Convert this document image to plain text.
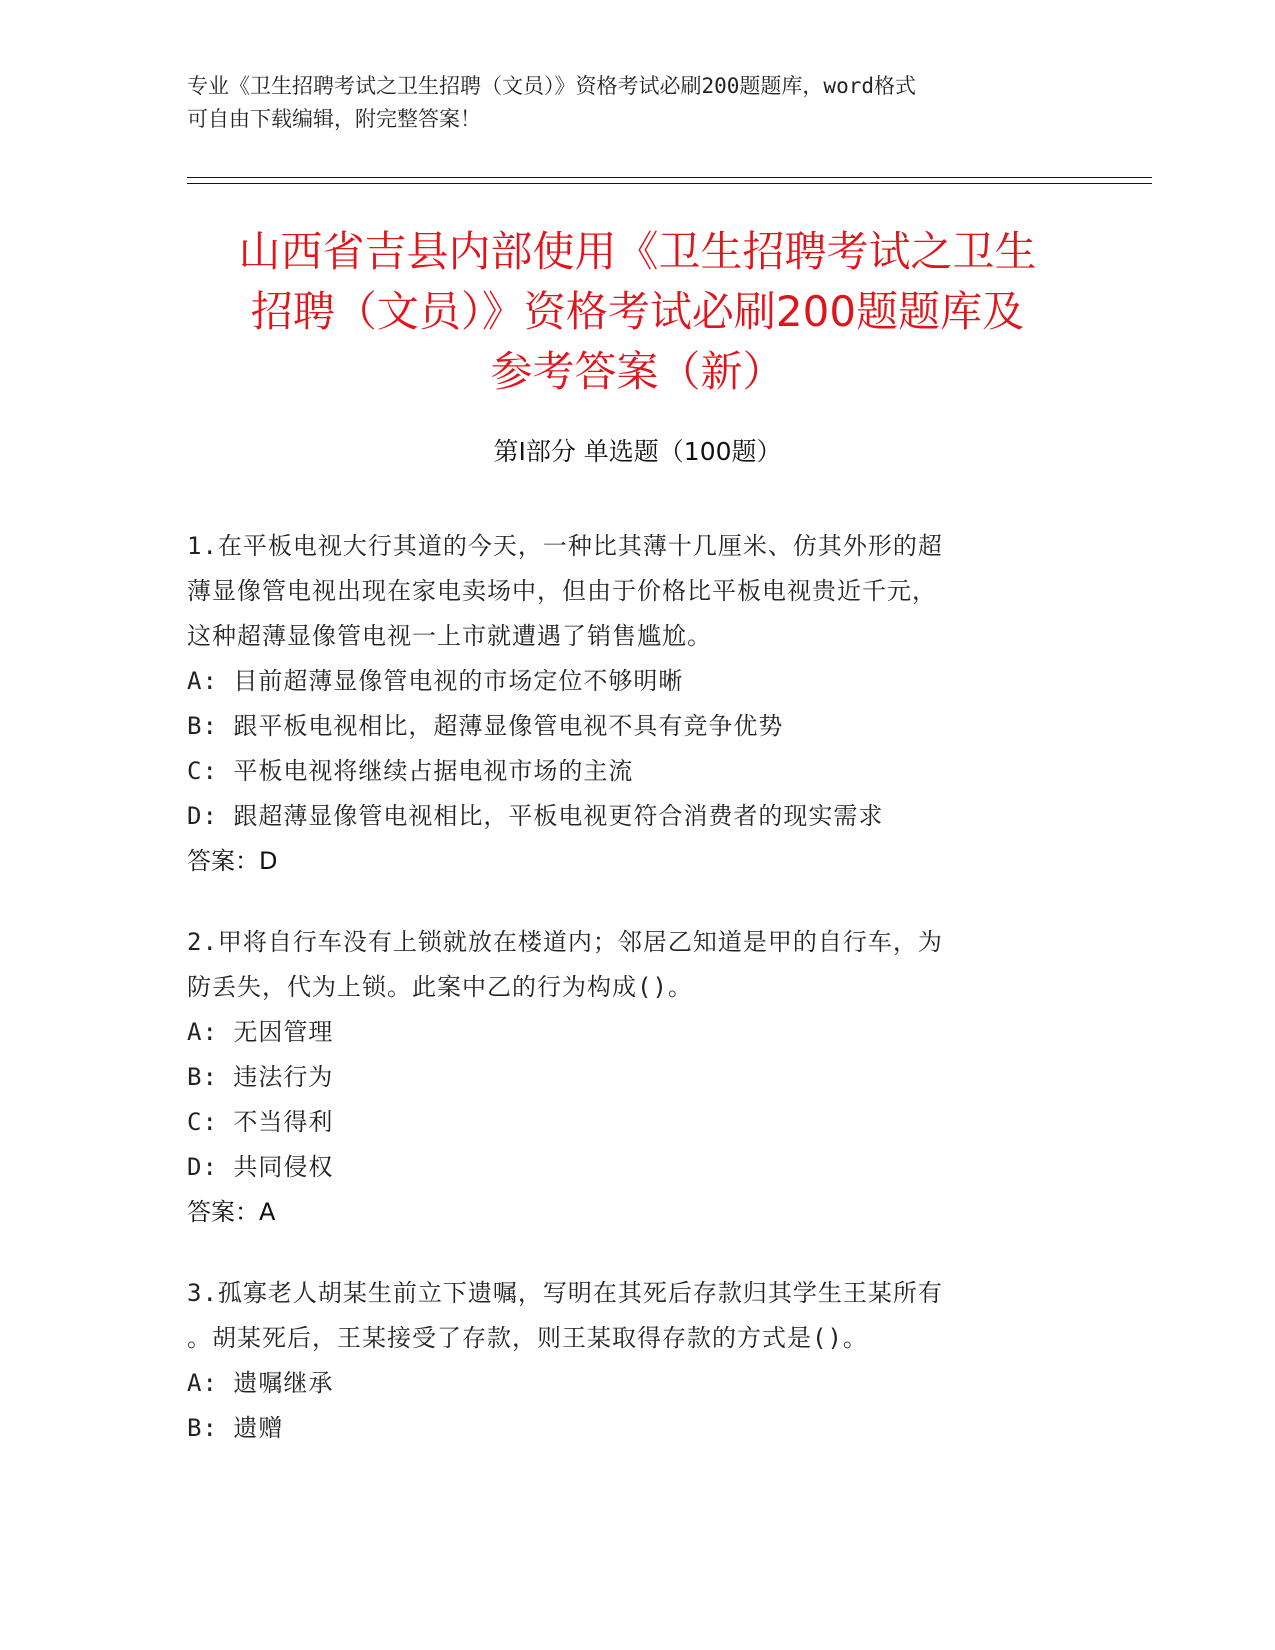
专业《卫生招聘考试之卫生招聘（文员）》资格考试必刷200题题库，word格式
可自由下载编辑，附完整答案！
山西省吉县内部使用《卫生招聘考试之卫生
招聘（文员）》资格考试必刷200题题库及
参考答案（新）
第I部分 单选题（100题）
1.在平板电视大行其道的今天，一种比其薄十几厘米、仿其外形的超
薄显像管电视出现在家电卖场中，但由于价格比平板电视贵近千元，
这种超薄显像管电视一上市就遭遇了销售尴尬。
A: 目前超薄显像管电视的市场定位不够明晰
B: 跟平板电视相比，超薄显像管电视不具有竞争优势
C: 平板电视将继续占据电视市场的主流
D: 跟超薄显像管电视相比，平板电视更符合消费者的现实需求
答案：D
2.甲将自行车没有上锁就放在楼道内；邻居乙知道是甲的自行车，为
防丢失，代为上锁。此案中乙的行为构成()。
A: 无因管理
B: 违法行为
C: 不当得利
D: 共同侵权
答案：A
3.孤寡老人胡某生前立下遗嘱，写明在其死后存款归其学生王某所有
。胡某死后，王某接受了存款，则王某取得存款的方式是()。
A: 遗嘱继承
B: 遗赠
